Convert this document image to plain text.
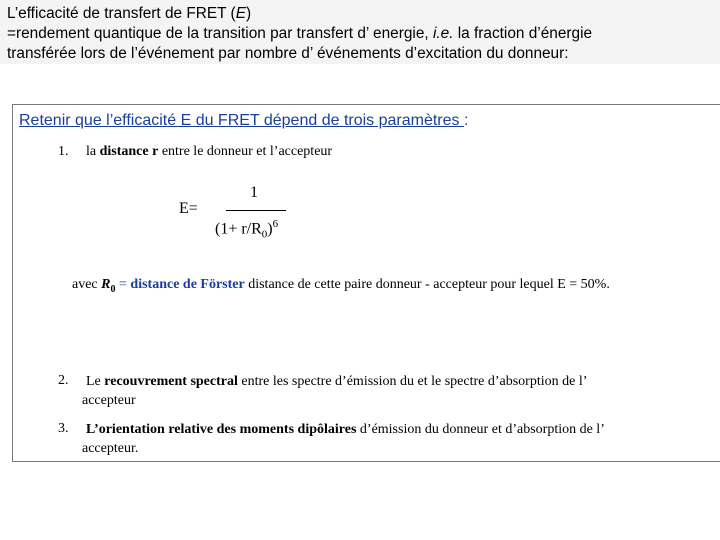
L’efficacité de transfert de FRET (E)
=rendement quantique de la transition par transfert d’ energie, i.e. la fraction d’énergie
transférée lors de l’événement par nombre d’ événements d’excitation du donneur:
Retenir que l’efficacité E du FRET dépend de trois paramètres :
1. la distance r entre le donneur et l’accepteur
E=
1
$(1+ r/R_0)^6$
avec $R_0$ = distance de Förster distance de cette paire donneur - accepteur pour lequel E = 50%.
2. Le recouvrement spectral entre les spectre d’émission du et le spectre d’absorption de l’
accepteur
3. L’orientation relative des moments dipôlaires d’émission du donneur et d’absorption de l’
accepteur.
